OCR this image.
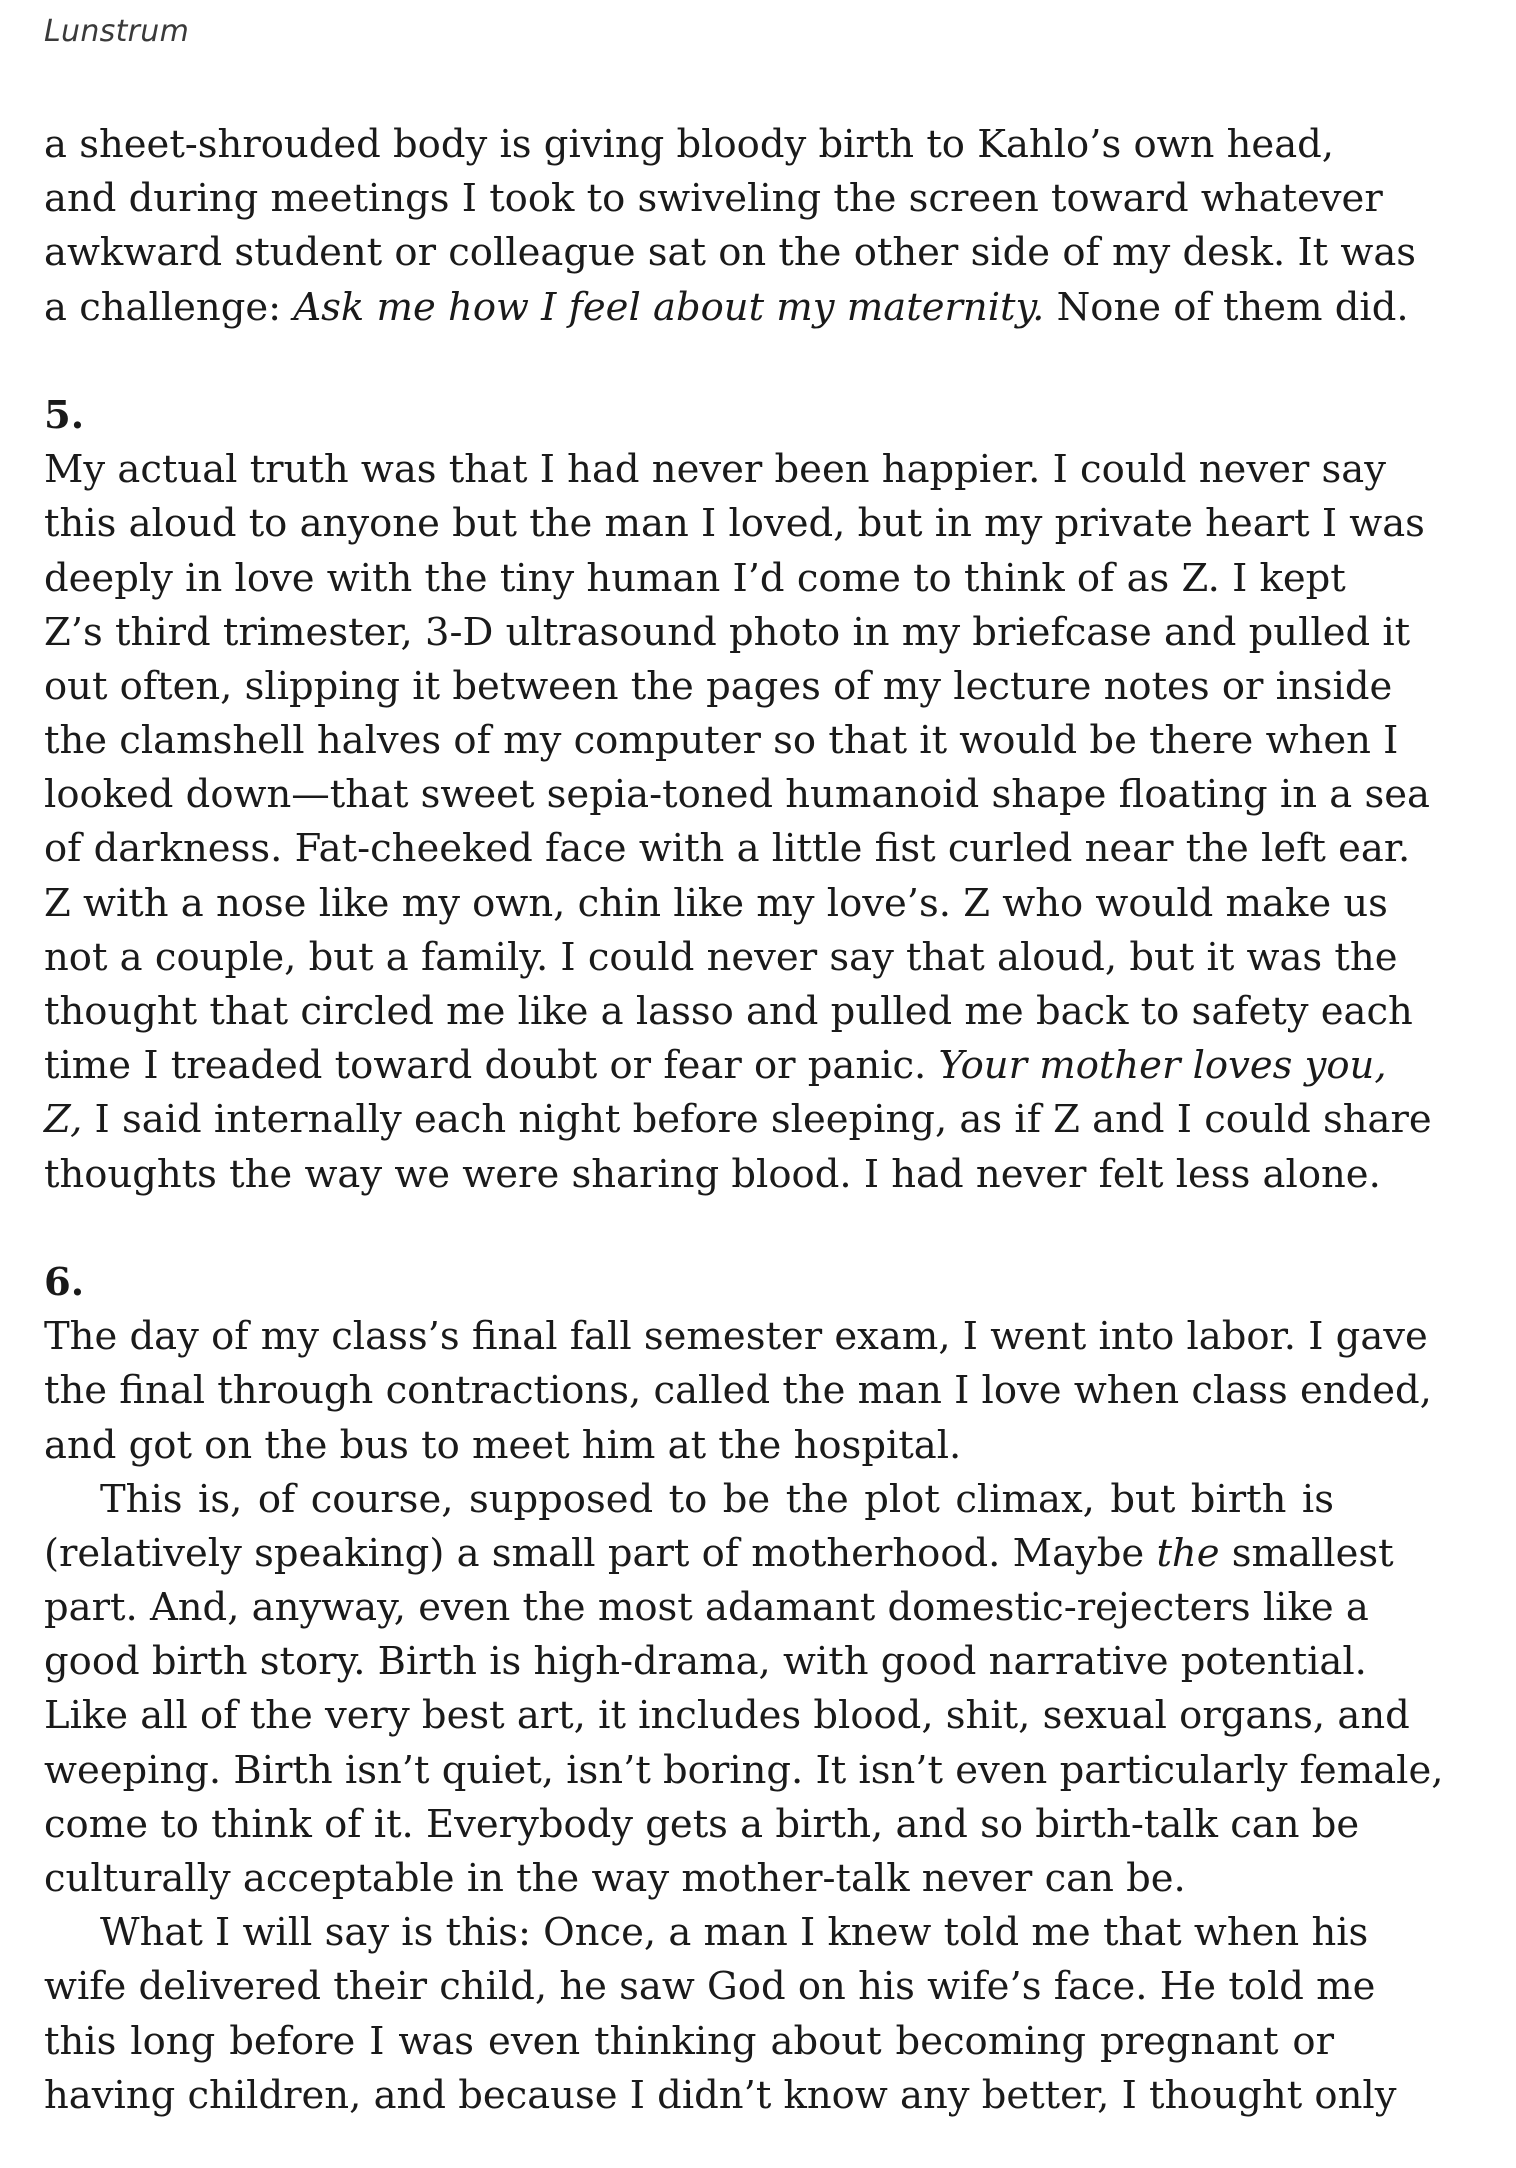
Lunstrum
a sheet-shrouded body is giving bloody birth to Kahlo’s own head,
and during meetings I took to swiveling the screen toward whatever
awkward student or colleague sat on the other side of my desk. It was
a challenge: Ask me how I feel about my maternity. None of them did.
5.
My actual truth was that I had never been happier. I could never say
this aloud to anyone but the man I loved, but in my private heart I was
deeply in love with the tiny human I’d come to think of as Z. I kept
Z’s third trimester, 3-D ultrasound photo in my briefcase and pulled it
out often, slipping it between the pages of my lecture notes or inside
the clamshell halves of my computer so that it would be there when I
looked down—that sweet sepia-toned humanoid shape floating in a sea
of darkness. Fat-cheeked face with a little fist curled near the left ear.
Z with a nose like my own, chin like my love’s. Z who would make us
not a couple, but a family. I could never say that aloud, but it was the
thought that circled me like a lasso and pulled me back to safety each
time I treaded toward doubt or fear or panic. Your mother loves you,
Z, I said internally each night before sleeping, as if Z and I could share
thoughts the way we were sharing blood. I had never felt less alone.
6.
The day of my class’s final fall semester exam, I went into labor. I gave
the final through contractions, called the man I love when class ended,
and got on the bus to meet him at the hospital.
This is, of course, supposed to be the plot climax, but birth is
(relatively speaking) a small part of motherhood. Maybe the smallest
part. And, anyway, even the most adamant domestic-rejecters like a
good birth story. Birth is high-drama, with good narrative potential.
Like all of the very best art, it includes blood, shit, sexual organs, and
weeping. Birth isn’t quiet, isn’t boring. It isn’t even particularly female,
come to think of it. Everybody gets a birth, and so birth-talk can be
culturally acceptable in the way mother-talk never can be.
What I will say is this: Once, a man I knew told me that when his
wife delivered their child, he saw God on his wife’s face. He told me
this long before I was even thinking about becoming pregnant or
having children, and because I didn’t know any better, I thought only
